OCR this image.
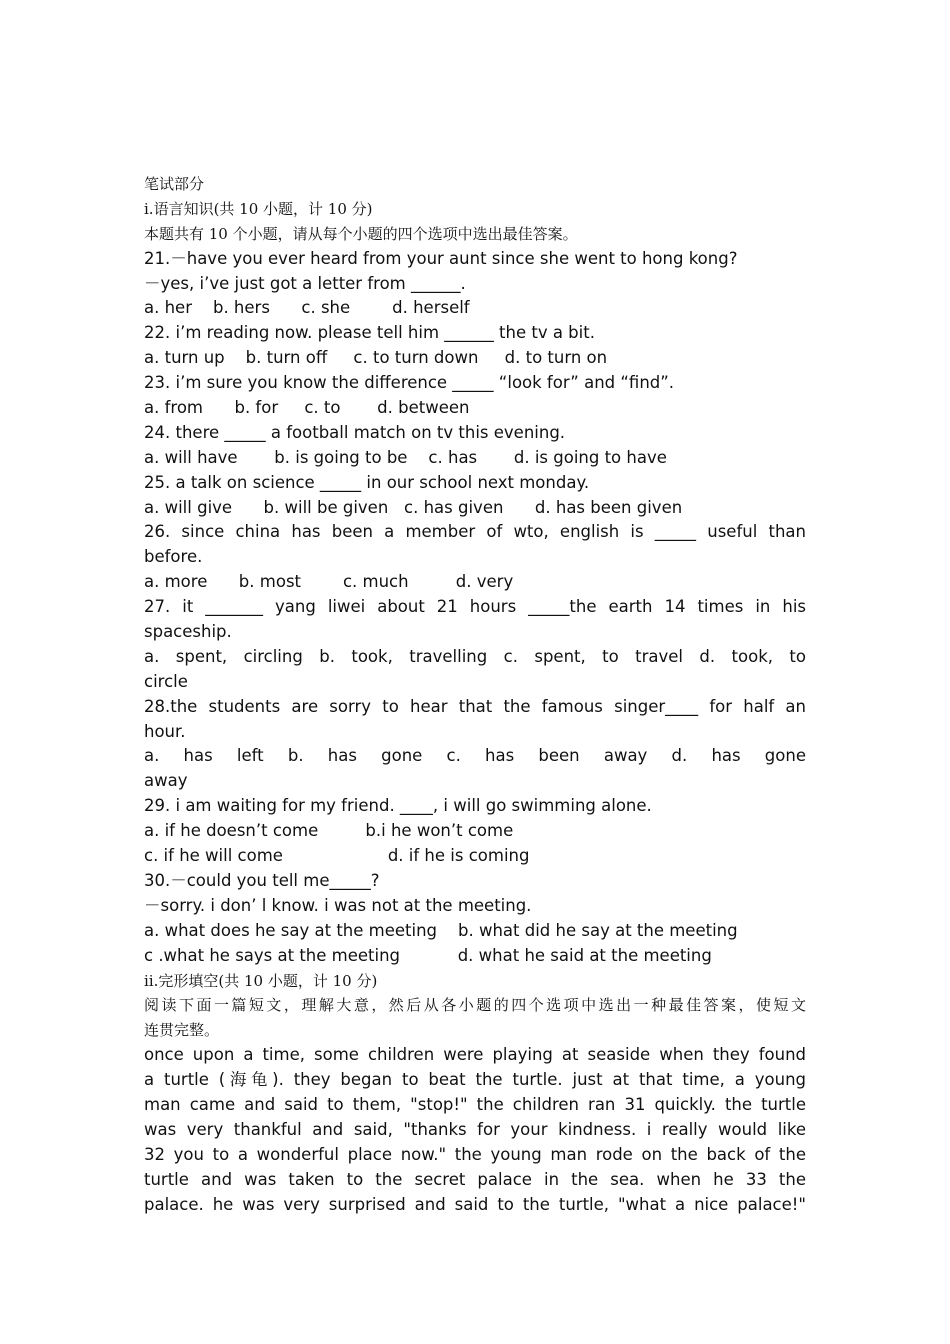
笔试部分
ⅰ.语言知识(共 10 小题，计 10 分)
本题共有 10 个小题，请从每个小题的四个选项中选出最佳答案。
21.－have you ever heard from your aunt since she went to hong kong?
－yes, i’ve just got a letter from ______.
a. her    b. hers      c. she        d. herself
22. i’m reading now. please tell him ______ the tv a bit.
a. turn up    b. turn off     c. to turn down     d. to turn on
23. i’m sure you know the difference _____ “look for” and “find”.
a. from      b. for     c. to       d. between
24. there _____ a football match on tv this evening.
a. will have       b. is going to be    c. has       d. is going to have
25. a talk on science _____ in our school next monday.
a. will give      b. will be given   c. has given      d. has been given
26. since china has been a member of wto, english is _____ useful than
before.
a. more      b. most        c. much         d. very
27. it _______ yang liwei about 21 hours _____the earth 14 times in his
spaceship.
a. spent, circling b. took, travelling c. spent, to travel d. took, to
circle
28.the students are sorry to hear that the famous singer____ for half an
hour.
a. has left b. has gone c. has been away d. has gone
away
29. i am waiting for my friend. ____, i will go swimming alone.
a. if he doesn’t come         b.i he won’t come
c. if he will come                    d. if he is coming
30.－could you tell me_____?
－sorry. i don’ l know. i was not at the meeting.
a. what does he say at the meeting    b. what did he say at the meeting
c .what he says at the meeting           d. what he said at the meeting
ⅱ.完形填空(共 10 小题，计 10 分)
阅读下面一篇短文，理解大意，然后从各小题的四个选项中选出一种最佳答案，使短文
连贯完整。
once upon a time, some children were playing at seaside when they found
a turtle (海龟). they began to beat the turtle. just at that time, a young
man came and said to them, "stop!" the children ran 31 quickly. the turtle
was very thankful and said, "thanks for your kindness. i really would like
32 you to a wonderful place now." the young man rode on the back of the
turtle and was taken to the secret palace in the sea. when he 33 the
palace. he was very surprised and said to the turtle, "what a nice palace!"
